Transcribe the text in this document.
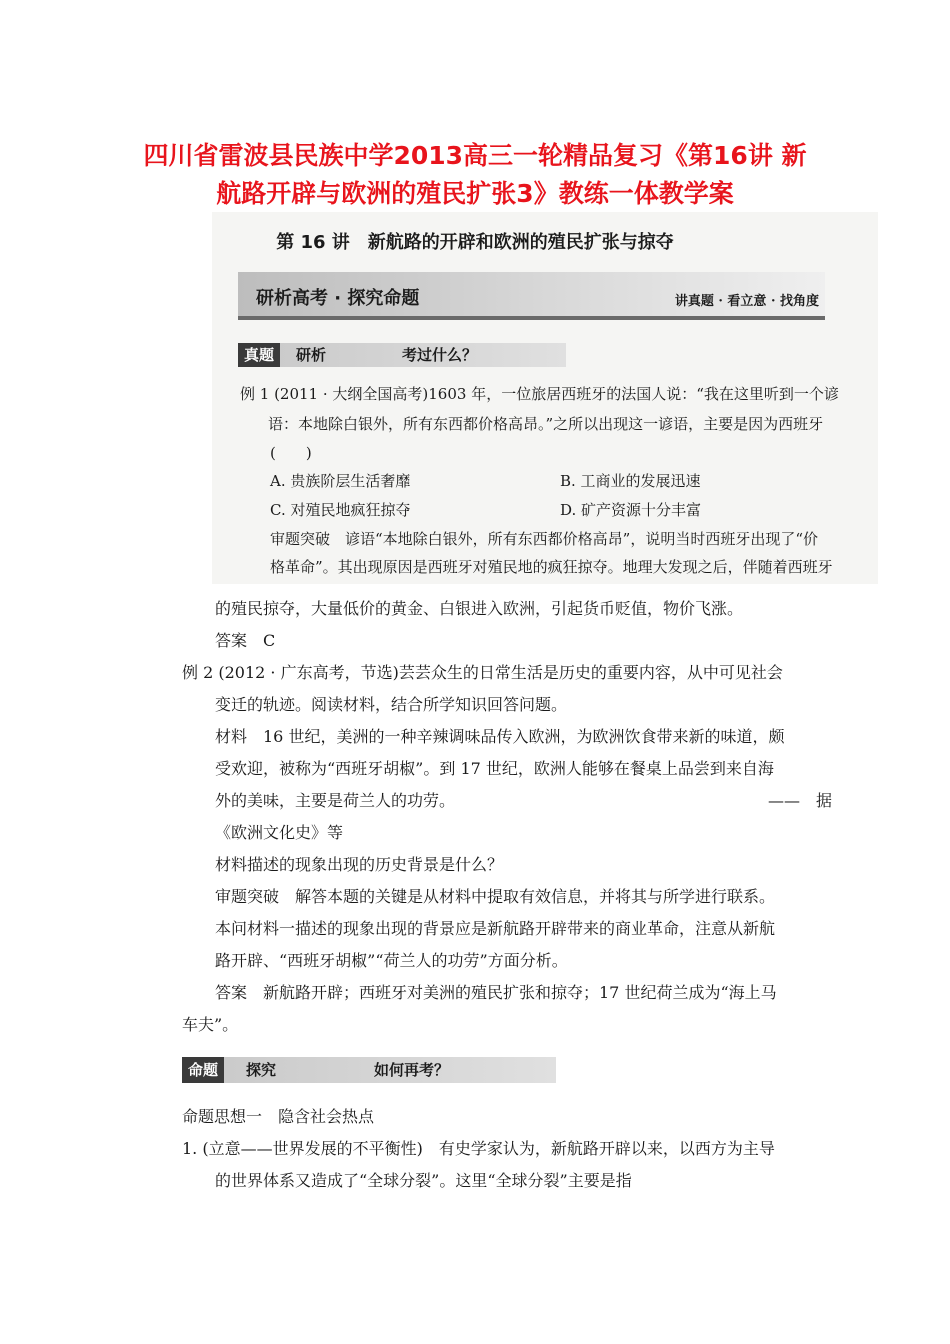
四川省雷波县民族中学2013高三一轮精品复习《第16讲 新
航路开辟与欧洲的殖民扩张3》教练一体教学案
第 16 讲　新航路的开辟和欧洲的殖民扩张与掠夺
研析高考 · 探究命题	讲真题 · 看立意 · 找角度
真题	研析	考过什么？
例 1 (2011 · 大纲全国高考)1603 年，一位旅居西班牙的法国人说：“我在这里听到一个谚
语：本地除白银外，所有东西都价格高昂。”之所以出现这一谚语，主要是因为西班牙
(　　)
A. 贵族阶层生活奢靡	B. 工商业的发展迅速
C. 对殖民地疯狂掠夺	D. 矿产资源十分丰富
审题突破　谚语“本地除白银外，所有东西都价格高昂”，说明当时西班牙出现了“价
格革命”。其出现原因是西班牙对殖民地的疯狂掠夺。地理大发现之后，伴随着西班牙
的殖民掠夺，大量低价的黄金、白银进入欧洲，引起货币贬值，物价飞涨。
答案　C
例 2 (2012 · 广东高考，节选)芸芸众生的日常生活是历史的重要内容，从中可见社会
变迁的轨迹。阅读材料，结合所学知识回答问题。
材料　16 世纪，美洲的一种辛辣调味品传入欧洲，为欧洲饮食带来新的味道，颇
受欢迎，被称为“西班牙胡椒”。到 17 世纪，欧洲人能够在餐桌上品尝到来自海
外的美味，主要是荷兰人的功劳。	——　据
《欧洲文化史》等
材料描述的现象出现的历史背景是什么？
审题突破　解答本题的关键是从材料中提取有效信息，并将其与所学进行联系。
本问材料一描述的现象出现的背景应是新航路开辟带来的商业革命，注意从新航
路开辟、“西班牙胡椒”“荷兰人的功劳”方面分析。
答案　新航路开辟；西班牙对美洲的殖民扩张和掠夺；17 世纪荷兰成为“海上马
车夫”。
命题	探究	如何再考？
命题思想一　隐含社会热点
1. (立意——世界发展的不平衡性)　有史学家认为，新航路开辟以来，以西方为主导
的世界体系又造成了“全球分裂”。这里“全球分裂”主要是指
